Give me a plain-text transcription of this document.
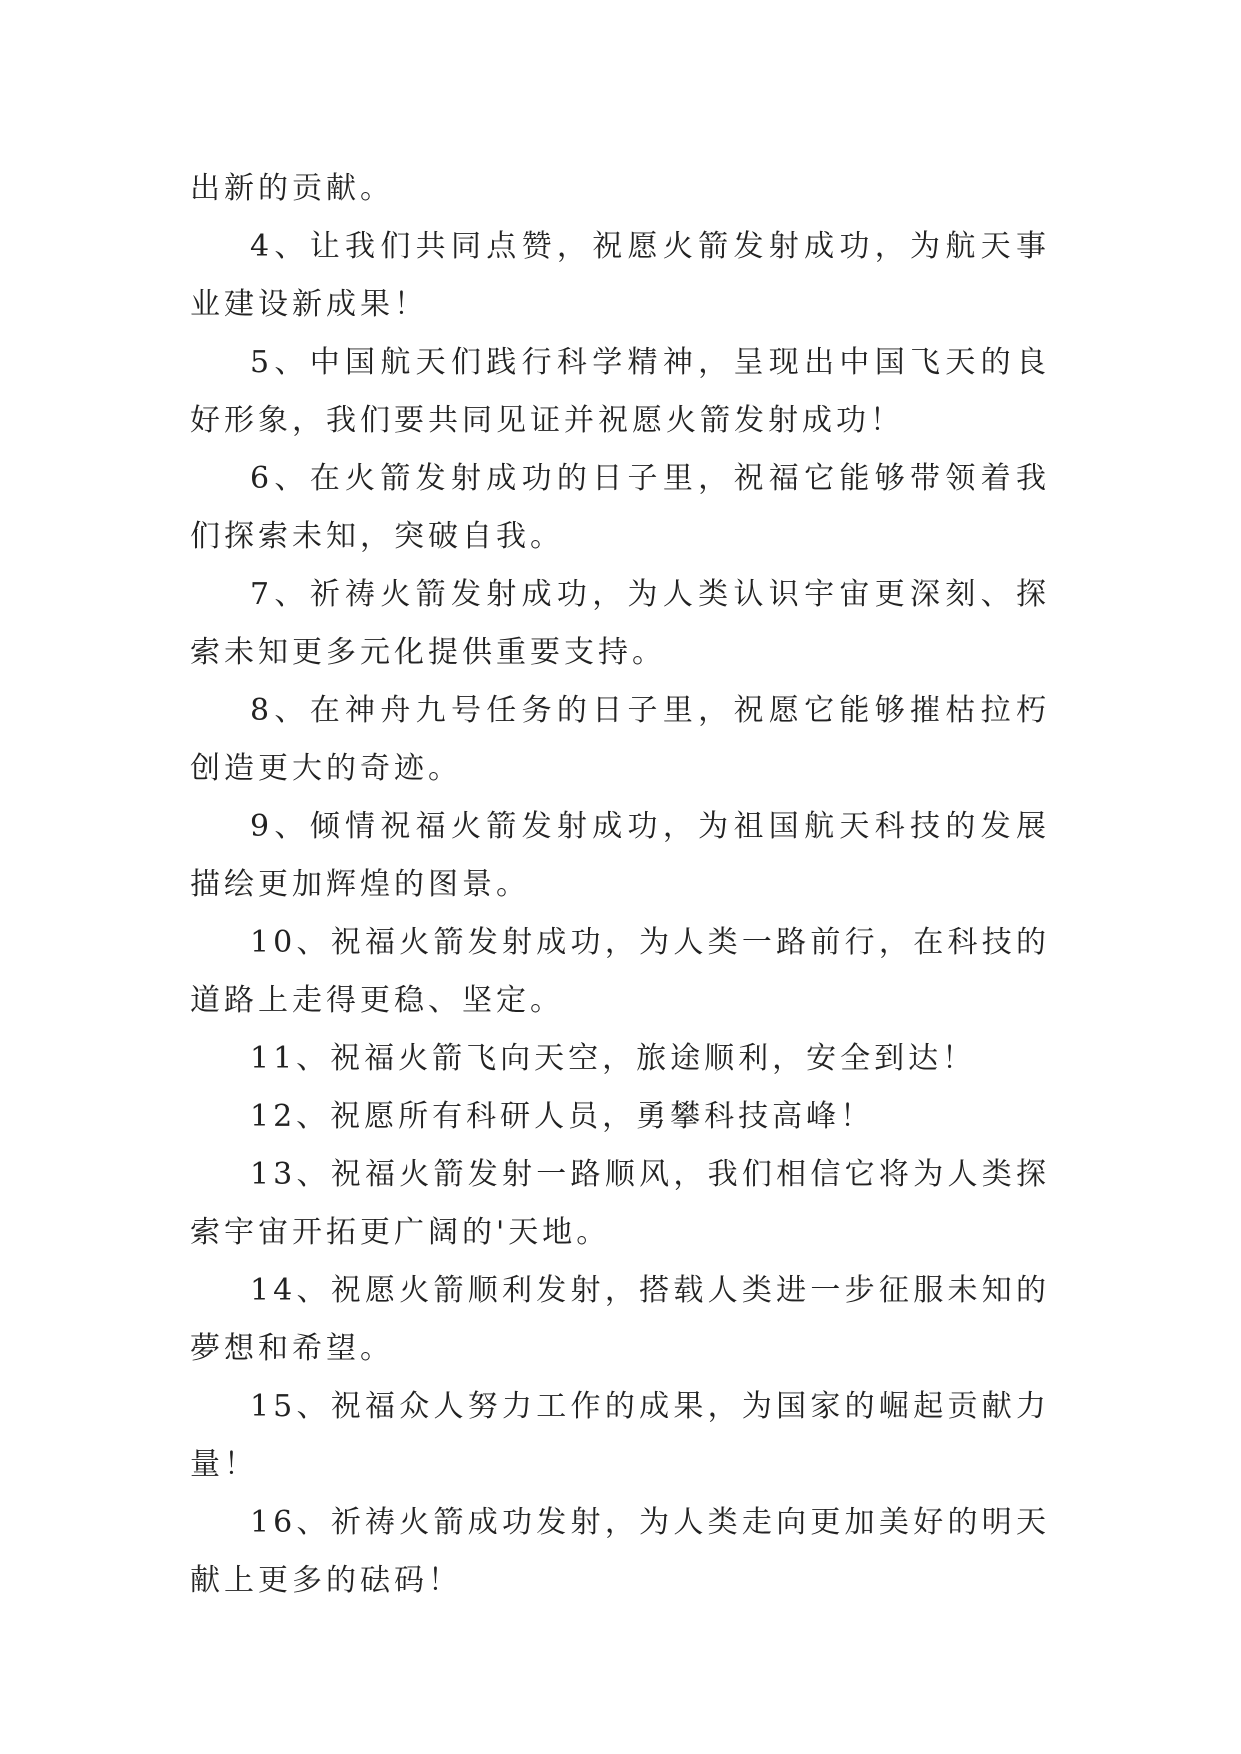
出新的贡献。

4、让我们共同点赞，祝愿火箭发射成功，为航天事业建设新成果！

5、中国航天们践行科学精神，呈现出中国飞天的良好形象，我们要共同见证并祝愿火箭发射成功！

6、在火箭发射成功的日子里，祝福它能够带领着我们探索未知，突破自我。

7、祈祷火箭发射成功，为人类认识宇宙更深刻、探索未知更多元化提供重要支持。

8、在神舟九号任务的日子里，祝愿它能够摧枯拉朽创造更大的奇迹。

9、倾情祝福火箭发射成功，为祖国航天科技的发展描绘更加辉煌的图景。

10、祝福火箭发射成功，为人类一路前行，在科技的道路上走得更稳、坚定。

11、祝福火箭飞向天空，旅途顺利，安全到达！

12、祝愿所有科研人员，勇攀科技高峰！

13、祝福火箭发射一路顺风，我们相信它将为人类探索宇宙开拓更广阔的'天地。

14、祝愿火箭顺利发射，搭载人类进一步征服未知的夢想和希望。

15、祝福众人努力工作的成果，为国家的崛起贡献力量！

16、祈祷火箭成功发射，为人类走向更加美好的明天献上更多的砝码！
